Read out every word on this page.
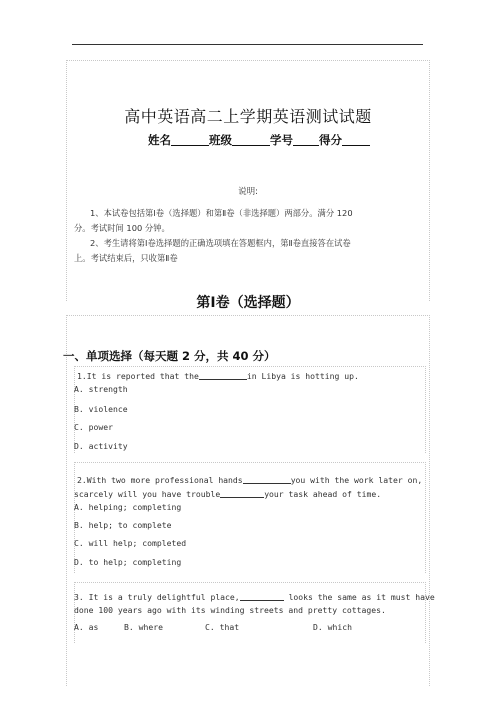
高中英语高二上学期英语测试试题
姓名	班级	学号 得分
说明:
1、本试卷包括第Ⅰ卷（选择题）和第Ⅱ卷（非选择题）两部分。满分 120
分。考试时间 100 分钟。
2、考生请将第Ⅰ卷选择题的正确选项填在答题框内，第Ⅱ卷直接答在试卷
上。考试结束后，只收第Ⅱ卷
第Ⅰ卷（选择题）
一、单项选择（每天题 2 分，共 40 分）
1.It is reported that the	in Libya is hotting up.
A. strength
B. violence
C. power
D. activity
2.With two more professional hands	you with the work later on,
scarcely will you have trouble	your task ahead of time.
A. helping; completing
B. help; to complete
C. will help; completed
D. to help; completing
3. It is a truly delightful place,	looks the same as it must have
done 100 years ago with its winding streets and pretty cottages.
A. as	B. where	C. that	D. which
